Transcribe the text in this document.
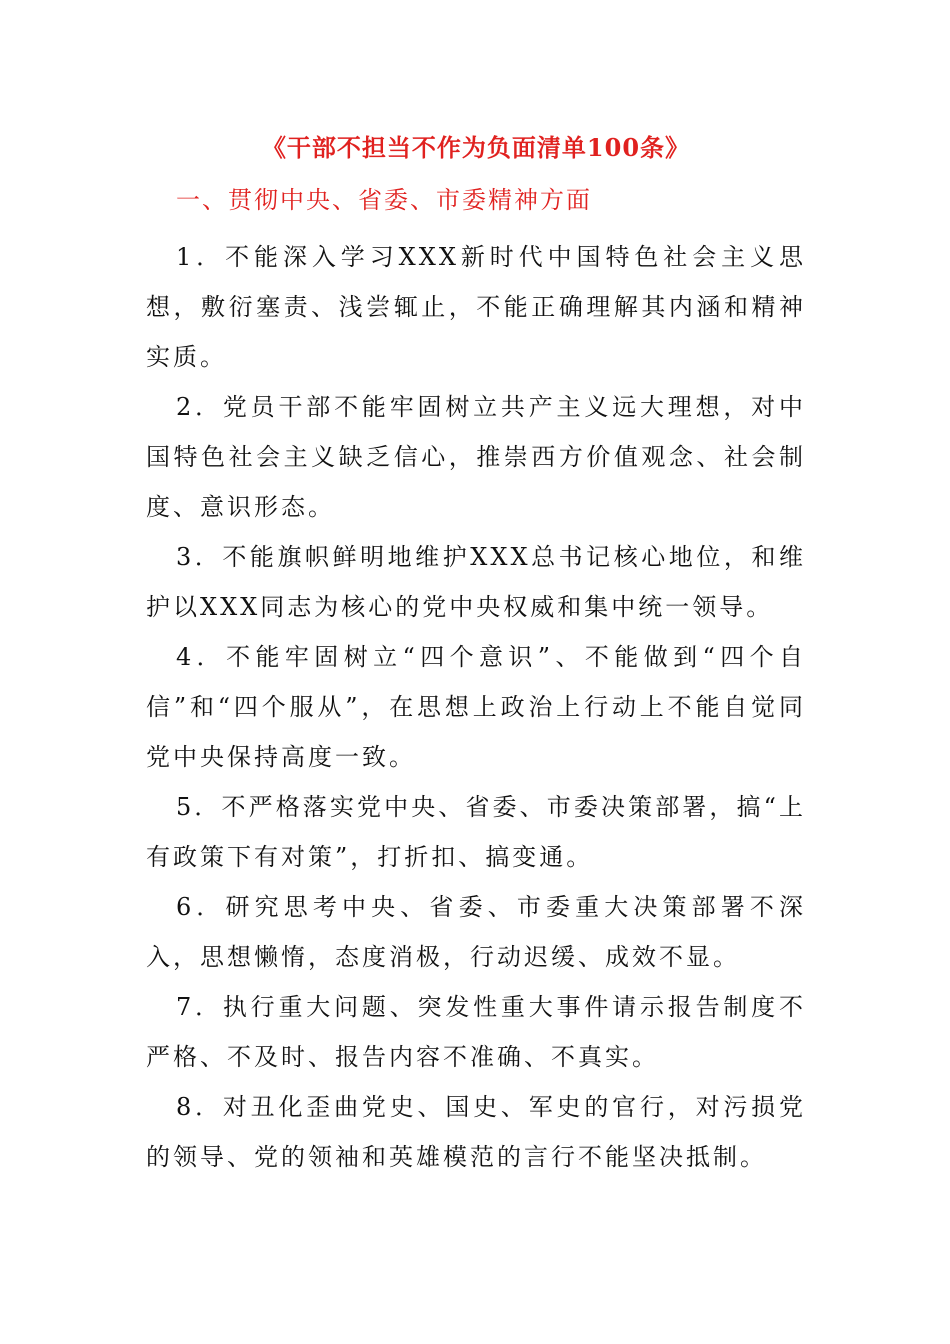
《干部不担当不作为负面清单100条》
一、贯彻中央、省委、市委精神方面

1．不能深入学习XXX新时代中国特色社会主义思想，敷衍塞责、浅尝辄止，不能正确理解其内涵和精神实质。

2．党员干部不能牢固树立共产主义远大理想，对中国特色社会主义缺乏信心，推崇西方价值观念、社会制度、意识形态。

3．不能旗帜鲜明地维护XXX总书记核心地位，和维护以XXX同志为核心的党中央权威和集中统一领导。

4．不能牢固树立“四个意识”、不能做到“四个自信”和“四个服从”，在思想上政治上行动上不能自觉同党中央保持高度一致。

5．不严格落实党中央、省委、市委决策部署，搞“上有政策下有对策”，打折扣、搞变通。

6．研究思考中央、省委、市委重大决策部署不深入，思想懒惰，态度消极，行动迟缓、成效不显。

7．执行重大问题、突发性重大事件请示报告制度不严格、不及时、报告内容不准确、不真实。

8．对丑化歪曲党史、国史、军史的官行，对污损党的领导、党的领袖和英雄模范的言行不能坚决抵制。
